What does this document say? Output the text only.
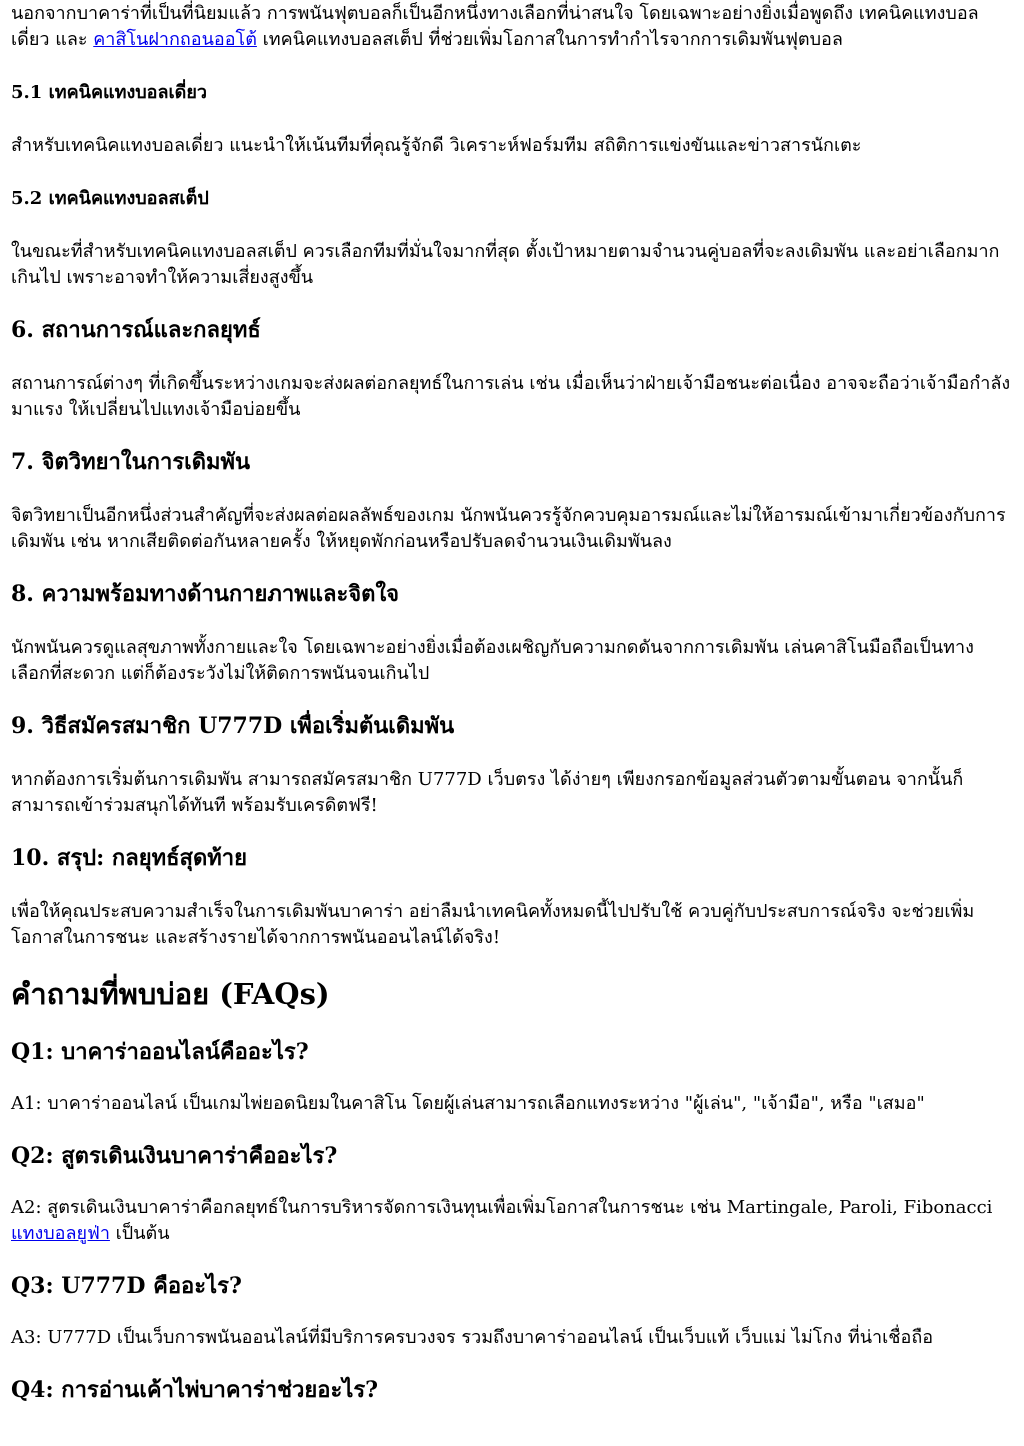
นอกจากบาคาร่าที่เป็นที่นิยมแล้ว การพนันฟุตบอลก็เป็นอีกหนึ่งทางเลือกที่น่าสนใจ โดยเฉพาะอย่างยิ่งเมื่อพูดถึง เทคนิคแทงบอลเดี่ยว และ คาสิโนฝากถอนออโต้ เทคนิคแทงบอลสเต็ป ที่ช่วยเพิ่มโอกาสในการทำกำไรจากการเดิมพันฟุตบอล

5.1 เทคนิคแทงบอลเดี่ยว

สำหรับเทคนิคแทงบอลเดี่ยว แนะนำให้เน้นทีมที่คุณรู้จักดี วิเคราะห์ฟอร์มทีม สถิติการแข่งขันและข่าวสารนักเตะ

5.2 เทคนิคแทงบอลสเต็ป

ในขณะที่สำหรับเทคนิคแทงบอลสเต็ป ควรเลือกทีมที่มั่นใจมากที่สุด ตั้งเป้าหมายตามจำนวนคู่บอลที่จะลงเดิมพัน และอย่าเลือกมากเกินไป เพราะอาจทำให้ความเสี่ยงสูงขึ้น

6. สถานการณ์และกลยุทธ์

สถานการณ์ต่างๆ ที่เกิดขึ้นระหว่างเกมจะส่งผลต่อกลยุทธ์ในการเล่น เช่น เมื่อเห็นว่าฝ่ายเจ้ามือชนะต่อเนื่อง อาจจะถือว่าเจ้ามือกำลังมาแรง ให้เปลี่ยนไปแทงเจ้ามือบ่อยขึ้น

7. จิตวิทยาในการเดิมพัน

จิตวิทยาเป็นอีกหนึ่งส่วนสำคัญที่จะส่งผลต่อผลลัพธ์ของเกม นักพนันควรรู้จักควบคุมอารมณ์และไม่ให้อารมณ์เข้ามาเกี่ยวข้องกับการเดิมพัน เช่น หากเสียติดต่อกันหลายครั้ง ให้หยุดพักก่อนหรือปรับลดจำนวนเงินเดิมพันลง

8. ความพร้อมทางด้านกายภาพและจิตใจ

นักพนันควรดูแลสุขภาพทั้งกายและใจ โดยเฉพาะอย่างยิ่งเมื่อต้องเผชิญกับความกดดันจากการเดิมพัน เล่นคาสิโนมือถือเป็นทางเลือกที่สะดวก แต่ก็ต้องระวังไม่ให้ติดการพนันจนเกินไป

9. วิธีสมัครสมาชิก U777D เพื่อเริ่มต้นเดิมพัน

หากต้องการเริ่มต้นการเดิมพัน สามารถสมัครสมาชิก U777D เว็บตรง ได้ง่ายๆ เพียงกรอกข้อมูลส่วนตัวตามขั้นตอน จากนั้นก็สามารถเข้าร่วมสนุกได้ทันที พร้อมรับเครดิตฟรี!

10. สรุป: กลยุทธ์สุดท้าย

เพื่อให้คุณประสบความสำเร็จในการเดิมพันบาคาร่า อย่าลืมนำเทคนิคทั้งหมดนี้ไปปรับใช้ ควบคู่กับประสบการณ์จริง จะช่วยเพิ่มโอกาสในการชนะ และสร้างรายได้จากการพนันออนไลน์ได้จริง!

คำถามที่พบบ่อย (FAQs)
Q1: บาคาร่าออนไลน์คืออะไร?

A1: บาคาร่าออนไลน์ เป็นเกมไพ่ยอดนิยมในคาสิโน โดยผู้เล่นสามารถเลือกแทงระหว่าง "ผู้เล่น", "เจ้ามือ", หรือ "เสมอ"

Q2: สูตรเดินเงินบาคาร่าคืออะไร?

A2: สูตรเดินเงินบาคาร่าคือกลยุทธ์ในการบริหารจัดการเงินทุนเพื่อเพิ่มโอกาสในการชนะ เช่น Martingale, Paroli, Fibonacci แทงบอลยูฟ่า เป็นต้น

Q3: U777D คืออะไร?

A3: U777D เป็นเว็บการพนันออนไลน์ที่มีบริการครบวงจร รวมถึงบาคาร่าออนไลน์ เป็นเว็บแท้ เว็บแม่ ไม่โกง ที่น่าเชื่อถือ

Q4: การอ่านเค้าไพ่บาคาร่าช่วยอะไร?
